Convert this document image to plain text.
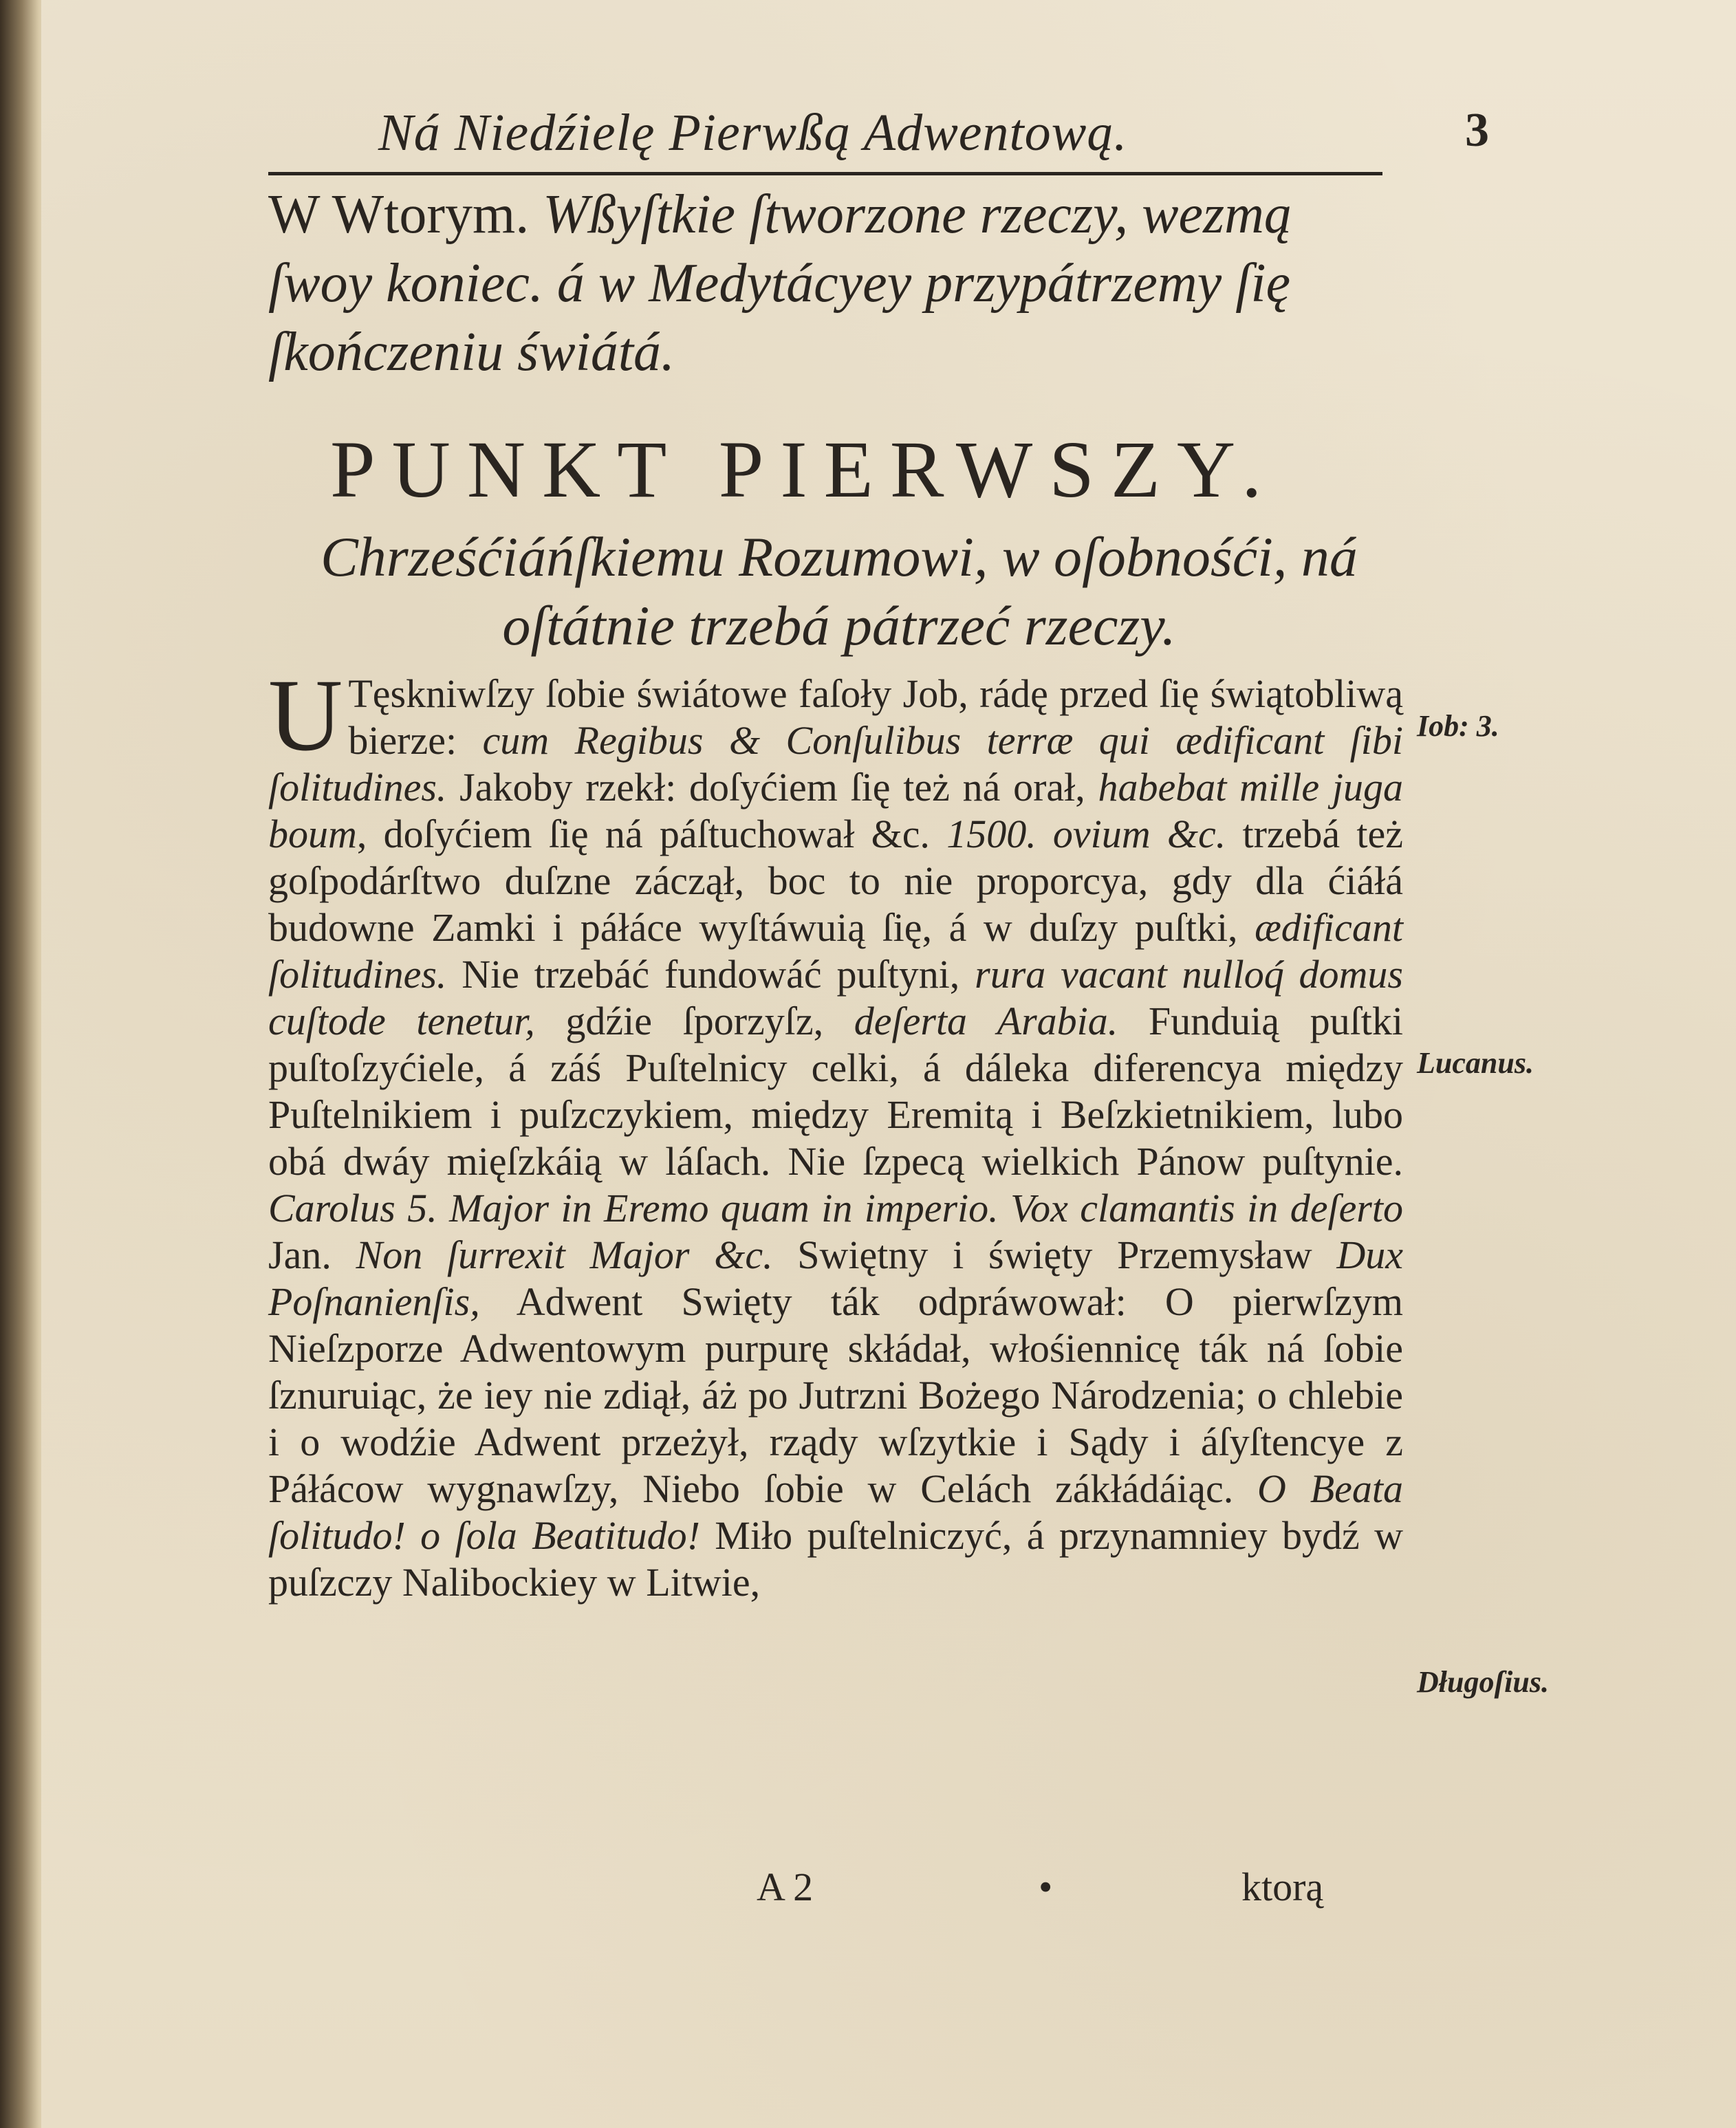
Ná Niedźielę Pierwßą Adwentową.	3
W Wtorym. Wßyſtkie ſtworzone rzeczy, wezmą ſwoy koniec. á w Medytácyey przypátrzemy ſię ſkończeniu świátá.
PUNKT PIERWSZY.
Chrześćiáńſkiemu Rozumowi, w oſobnośći, ná oſtátnie trzebá pátrzeć rzeczy.
U Tęskniwſzy ſobie świátowe faſoły Job, rádę przed ſię świątobliwą bierze: cum Regibus & Conſulibus terræ qui ædificant ſibi ſolitudines. Jakoby rzekł: doſyćiem ſię też ná orał, habebat mille juga boum, doſyćiem ſię ná páſtuchował &c. 1500. ovium &c. trzebá też goſpodárſtwo duſzne záczął, boc to nie proporcya, gdy dla ćiáłá budowne Zamki i páłáce wyſtáwuią ſię, á w duſzy puſtki, ædificant ſolitudines. Nie trzebáć fundowáć puſtyni, rura vacant nulloq́ domus cuſtode tenetur, gdźie ſporzyſz, deſerta Arabia. Funduią puſtki puſtoſzyćiele, á záś Puſtelnicy celki, á dáleka diferencya między Puſtelnikiem i puſzczykiem, między Eremitą i Beſzkietnikiem, lubo obá dwáy mięſzkáią w láſach. Nie ſzpecą wielkich Pánow puſtynie. Carolus 5. Major in Eremo quam in imperio. Vox clamantis in deſerto Jan. Non ſurrexit Major &c. Swiętny i święty Przemysław Dux Poſnanienſis, Adwent Swięty ták odpráwował: O pierwſzym Nieſzporze Adwentowym purpurę skłádał, włośiennicę ták ná ſobie ſznuruiąc, że iey nie zdiął, áż po Jutrzni Bożego Národzenia; o chlebie i o wodźie Adwent przeżył, rządy wſzytkie i Sądy i áſyſtencye z Páłácow wygnawſzy, Niebo ſobie w Celách zákłádáiąc. O Beata ſolitudo! o ſola Beatitudo! Miło puſtelniczyć, á przynamniey bydź w puſzczy Nalibockiey w Litwie,
Iob: 3.
Lucanus.
Długoſius.
A 2	•	ktorą
